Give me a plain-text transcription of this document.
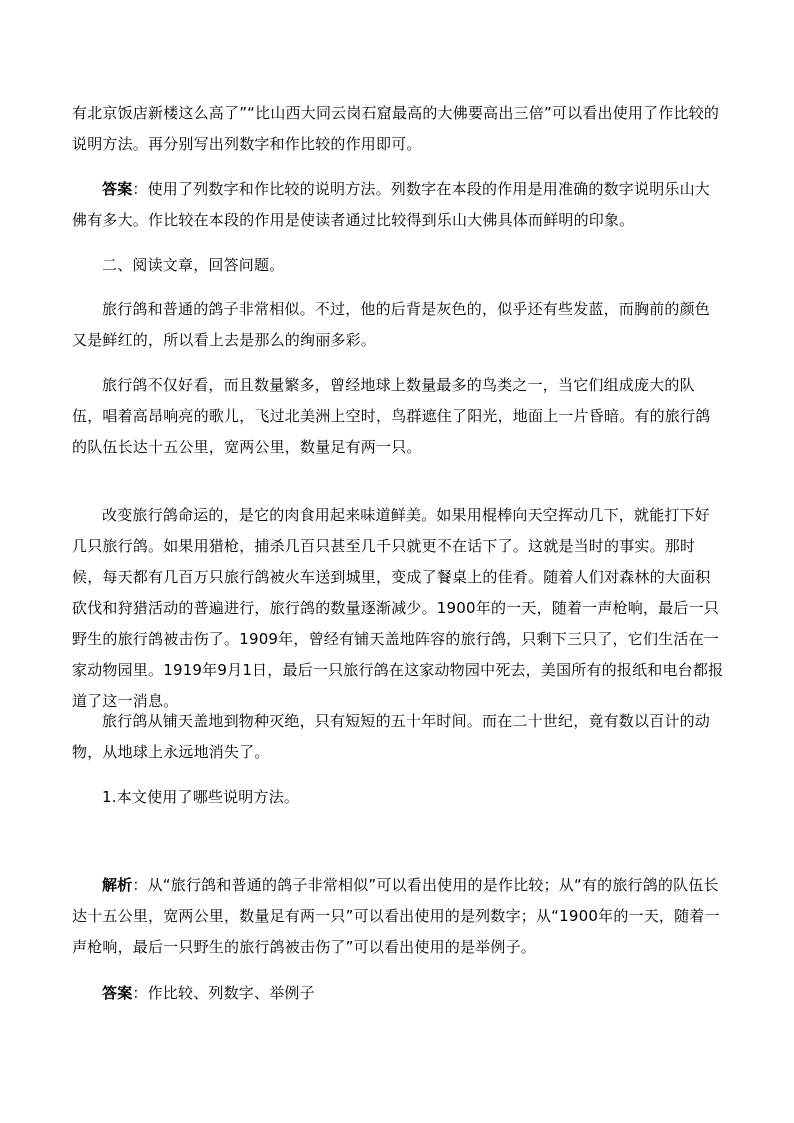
有北京饭店新楼这么高了”“比山西大同云岗石窟最高的大佛要高出三倍”可以看出使用了作比较的说明方法。再分别写出列数字和作比较的作用即可。

答案：使用了列数字和作比较的说明方法。列数字在本段的作用是用准确的数字说明乐山大佛有多大。作比较在本段的作用是使读者通过比较得到乐山大佛具体而鲜明的印象。

二、阅读文章，回答问题。

旅行鸽和普通的鸽子非常相似。不过，他的后背是灰色的，似乎还有些发蓝，而胸前的颜色又是鲜红的，所以看上去是那么的绚丽多彩。

旅行鸽不仅好看，而且数量繁多，曾经地球上数量最多的鸟类之一，当它们组成庞大的队伍，唱着高昂响亮的歌儿，飞过北美洲上空时，鸟群遮住了阳光，地面上一片昏暗。有的旅行鸽的队伍长达十五公里，宽两公里，数量足有两一只。

改变旅行鸽命运的，是它的肉食用起来味道鲜美。如果用棍棒向天空挥动几下，就能打下好几只旅行鸽。如果用猎枪，捕杀几百只甚至几千只就更不在话下了。这就是当时的事实。那时候，每天都有几百万只旅行鸽被火车送到城里，变成了餐桌上的佳肴。随着人们对森林的大面积砍伐和狩猎活动的普遍进行，旅行鸽的数量逐渐减少。1900年的一天，随着一声枪响，最后一只野生的旅行鸽被击伤了。1909年，曾经有铺天盖地阵容的旅行鸽，只剩下三只了，它们生活在一家动物园里。1919年9月1日，最后一只旅行鸽在这家动物园中死去，美国所有的报纸和电台都报道了这一消息。

旅行鸽从铺天盖地到物种灭绝，只有短短的五十年时间。而在二十世纪，竟有数以百计的动物，从地球上永远地消失了。

1.本文使用了哪些说明方法。

解析：从“旅行鸽和普通的鸽子非常相似”可以看出使用的是作比较；从“有的旅行鸽的队伍长达十五公里，宽两公里，数量足有两一只”可以看出使用的是列数字；从“1900年的一天，随着一声枪响，最后一只野生的旅行鸽被击伤了”可以看出使用的是举例子。

答案：作比较、列数字、举例子
